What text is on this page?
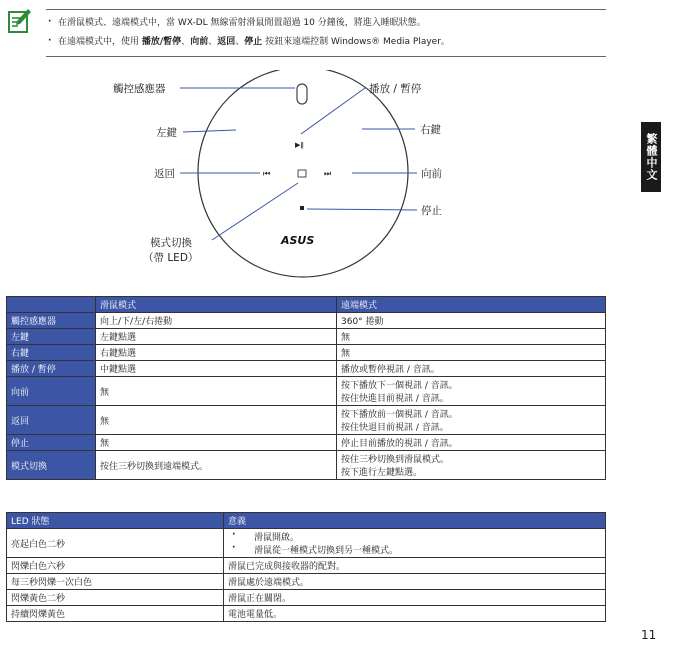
· 在滑鼠模式、遠端模式中，當 WX-DL 無線雷射滑鼠閒置超過 10 分鐘後，將進入睡眠狀態。
· 在遠端模式中，使用 播放/暫停、向前、返回、停止 按鈕來遠端控制 Windows® Media Player。
▶ǁ
⏮	⏭
ASUS
觸控感應器	播放 / 暫停
左鍵	右鍵
返回	向前
停止
模式切換
（帶 LED）
繁體中文
	滑鼠模式	遠端模式
觸控感應器	向上/下/左/右捲動	360° 捲動
左鍵	左鍵點選	無
右鍵	右鍵點選	無
播放 / 暫停	中鍵點選	播放或暫停視訊 / 音訊。
向前	無	按下播放下一個視訊 / 音訊。
按住快進目前視訊 / 音訊。

返回	無	按下播放前一個視訊 / 音訊。
按住快退目前視訊 / 音訊。

停止	無	停止目前播放的視訊 / 音訊。
模式切換	按住三秒切換到遠端模式。	按住三秒切換到滑鼠模式。
按下進行左鍵點選。
LED 狀態	意義
亮起白色二秒	· 滑鼠開啟。
· 滑鼠從一種模式切換到另一種模式。

閃爍白色六秒	滑鼠已完成與接收器的配對。
每三秒閃爍一次白色	滑鼠處於遠端模式。
閃爍黃色二秒	滑鼠正在關閉。
持續閃爍黃色	電池電量低。
11
